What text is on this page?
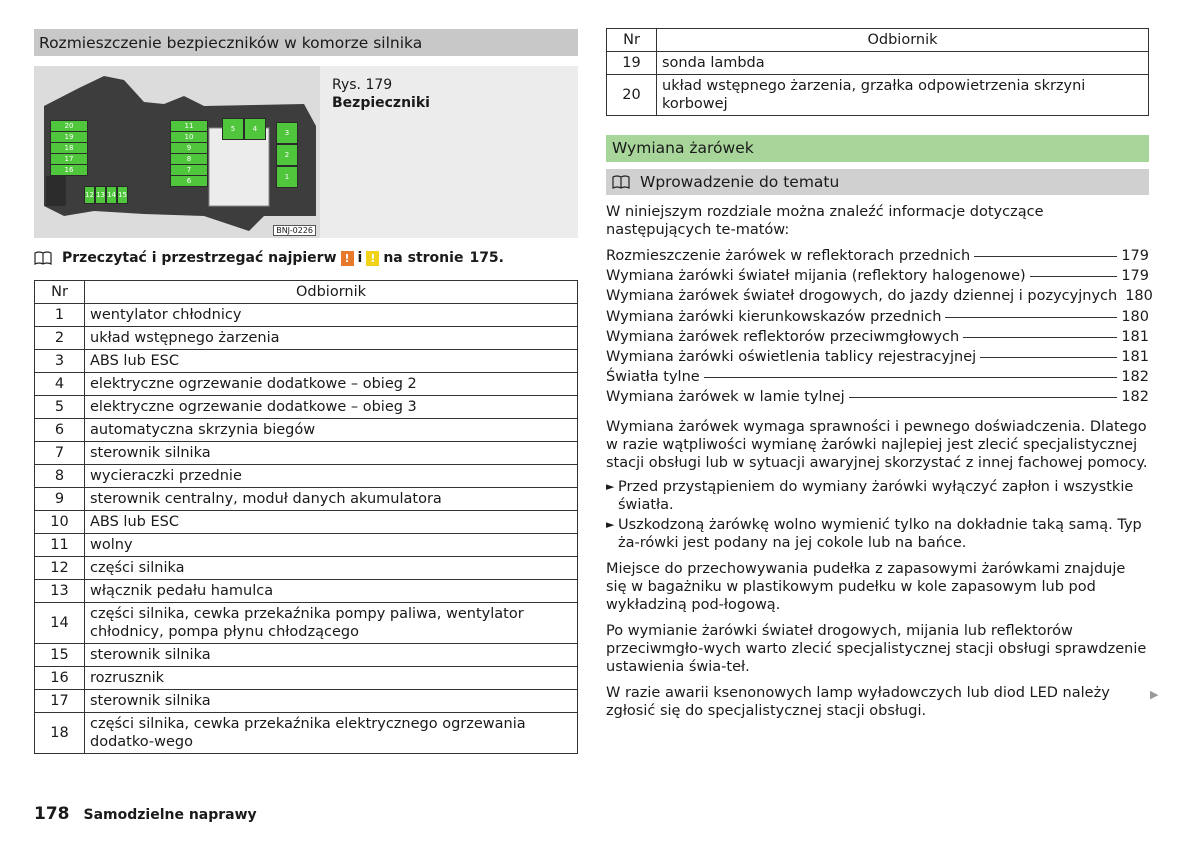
Rozmieszczenie bezpieczników w komorze silnika
20
19
18
17
16
11
10
9
8
7
6
5	4	3
2
1
12 13 14 15
BNJ-0226
Rys. 179
Bezpieczniki
Przeczytać i przestrzegać najpierw ! i ! na stronie 175.
Nr	Odbiornik
1	wentylator chłodnicy
2	układ wstępnego żarzenia
3	ABS lub ESC
4	elektryczne ogrzewanie dodatkowe – obieg 2
5	elektryczne ogrzewanie dodatkowe – obieg 3
6	automatyczna skrzynia biegów
7	sterownik silnika
8	wycieraczki przednie
9	sterownik centralny, moduł danych akumulatora
10	ABS lub ESC
11	wolny
12	części silnika
13	włącznik pedału hamulca
14	części silnika, cewka przekaźnika pompy paliwa, wentylator chłodnicy, pompa płynu chłodzącego
15	sterownik silnika
16	rozrusznik
17	sterownik silnika
18	części silnika, cewka przekaźnika elektrycznego ogrzewania dodatko-wego
Nr	Odbiornik
19	sonda lambda
20	układ wstępnego żarzenia, grzałka odpowietrzenia skrzyni korbowej
Wymiana żarówek
Wprowadzenie do tematu
W niniejszym rozdziale można znaleźć informacje dotyczące następujących te-matów:
Rozmieszczenie żarówek w reflektorach przednich	179
Wymiana żarówki świateł mijania (reflektory halogenowe)	179
Wymiana żarówek świateł drogowych, do jazdy dziennej i pozycyjnych 180
Wymiana żarówki kierunkowskazów przednich	180
Wymiana żarówek reflektorów przeciwmgłowych	181
Wymiana żarówki oświetlenia tablicy rejestracyjnej	181
Światła tylne	182
Wymiana żarówek w lamie tylnej	182
Wymiana żarówek wymaga sprawności i pewnego doświadczenia. Dlatego w razie wątpliwości wymianę żarówki najlepiej jest zlecić specjalistycznej stacji obsługi lub w sytuacji awaryjnej skorzystać z innej fachowej pomocy.
► Przed przystąpieniem do wymiany żarówki wyłączyć zapłon i wszystkie światła.
► Uszkodzoną żarówkę wolno wymienić tylko na dokładnie taką samą. Typ ża-rówki jest podany na jej cokole lub na bańce.
Miejsce do przechowywania pudełka z zapasowymi żarówkami znajduje się w bagażniku w plastikowym pudełku w kole zapasowym lub pod wykładziną pod-łogową.
Po wymianie żarówki świateł drogowych, mijania lub reflektorów przeciwmgło-wych warto zlecić specjalistycznej stacji obsługi sprawdzenie ustawienia świa-teł.
W razie awarii ksenonowych lamp wyładowczych lub diod LED należy zgłosić się do specjalistycznej stacji obsługi.
▶
178 Samodzielne naprawy
